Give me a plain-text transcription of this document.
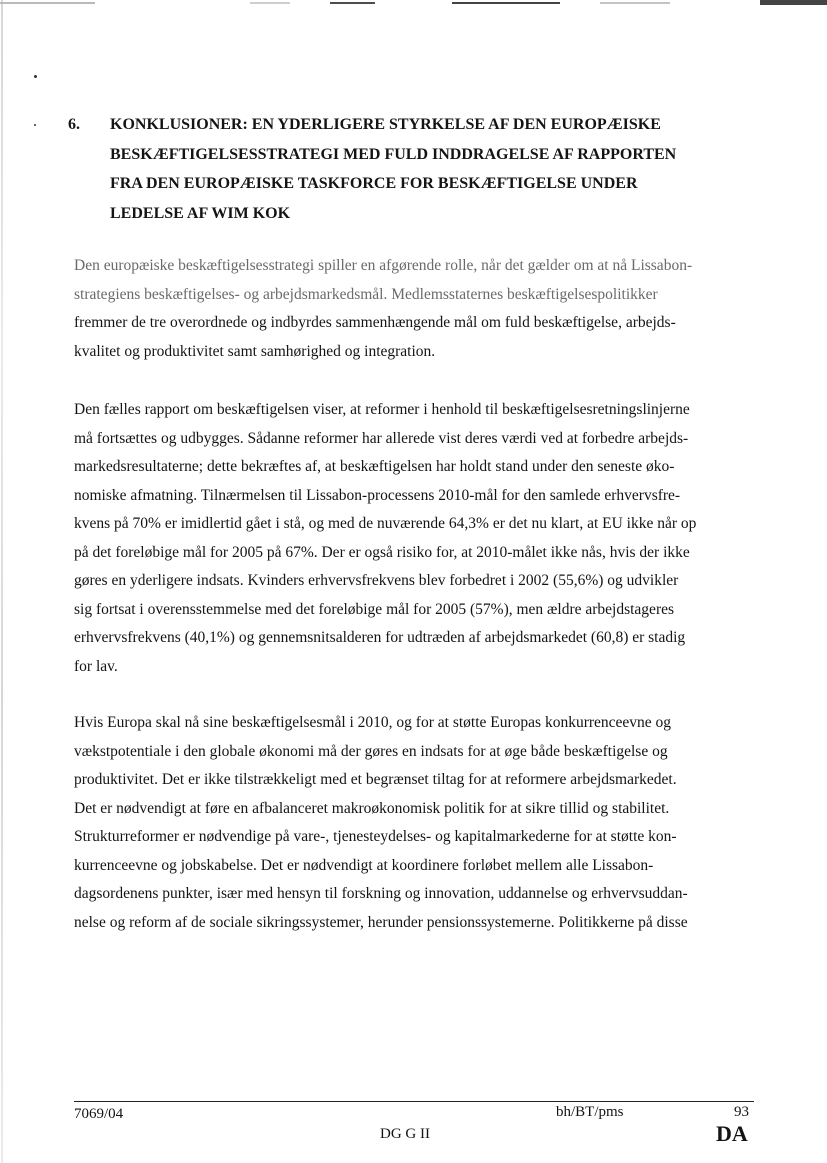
6. KONKLUSIONER: EN YDERLIGERE STYRKELSE AF DEN EUROPÆISKE
BESKÆFTIGELSESSTRATEGI MED FULD INDDRAGELSE AF RAPPORTEN
FRA DEN EUROPÆISKE TASKFORCE FOR BESKÆFTIGELSE UNDER
LEDELSE AF WIM KOK
Den europæiske beskæftigelsesstrategi spiller en afgørende rolle, når det gælder om at nå Lissabon-
strategiens beskæftigelses- og arbejdsmarkedsmål. Medlemsstaternes beskæftigelsespolitikker
fremmer de tre overordnede og indbyrdes sammenhængende mål om fuld beskæftigelse, arbejds-
kvalitet og produktivitet samt samhørighed og integration.
Den fælles rapport om beskæftigelsen viser, at reformer i henhold til beskæftigelsesretningslinjerne
må fortsættes og udbygges. Sådanne reformer har allerede vist deres værdi ved at forbedre arbejds-
markedsresultaterne; dette bekræftes af, at beskæftigelsen har holdt stand under den seneste øko-
nomiske afmatning. Tilnærmelsen til Lissabon-processens 2010-mål for den samlede erhvervsfre-
kvens på 70% er imidlertid gået i stå, og med de nuværende 64,3% er det nu klart, at EU ikke når op
på det foreløbige mål for 2005 på 67%. Der er også risiko for, at 2010-målet ikke nås, hvis der ikke
gøres en yderligere indsats. Kvinders erhvervsfrekvens blev forbedret i 2002 (55,6%) og udvikler
sig fortsat i overensstemmelse med det foreløbige mål for 2005 (57%), men ældre arbejdstageres
erhvervsfrekvens (40,1%) og gennemsnitsalderen for udtræden af arbejdsmarkedet (60,8) er stadig
for lav.
Hvis Europa skal nå sine beskæftigelsesmål i 2010, og for at støtte Europas konkurrenceevne og
vækstpotentiale i den globale økonomi må der gøres en indsats for at øge både beskæftigelse og
produktivitet. Det er ikke tilstrækkeligt med et begrænset tiltag for at reformere arbejdsmarkedet.
Det er nødvendigt at føre en afbalanceret makroøkonomisk politik for at sikre tillid og stabilitet.
Strukturreformer er nødvendige på vare-, tjenesteydelses- og kapitalmarkederne for at støtte kon-
kurrenceevne og jobskabelse. Det er nødvendigt at koordinere forløbet mellem alle Lissabon-
dagsordenens punkter, især med hensyn til forskning og innovation, uddannelse og erhvervsuddan-
nelse og reform af de sociale sikringssystemer, herunder pensionssystemerne. Politikkerne på disse
7069/04	bh/BT/pms	93
DG G II	DA
